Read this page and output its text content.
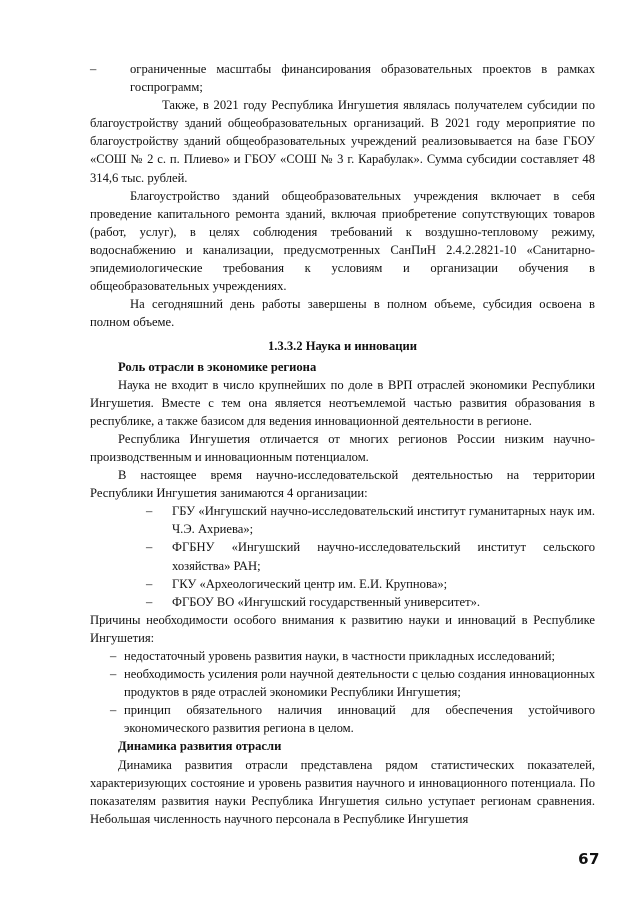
–	ограниченные масштабы финансирования образовательных проектов в рамках госпрограмм;

Также, в 2021 году Республика Ингушетия являлась получателем субсидии по благоустройству зданий общеобразовательных организаций. В 2021 году мероприятие по благоустройству зданий общеобразовательных учреждений реализовывается на базе ГБОУ «СОШ № 2 с. п. Плиево» и ГБОУ «СОШ № 3 г. Карабулак». Сумма субсидии составляет 48 314,6 тыс. рублей.

Благоустройство зданий общеобразовательных учреждения включает в себя проведение капитального ремонта зданий, включая приобретение сопутствующих товаров (работ, услуг), в целях соблюдения требований к воздушно-тепловому режиму, водоснабжению и канализации, предусмотренных СанПиН 2.4.2.2821-10 «Санитарно-эпидемиологические требования к условиям и организации обучения в общеобразовательных учреждениях.

На сегодняшний день работы завершены в полном объеме, субсидия освоена в полном объеме.

1.3.3.2 Наука и инновации

Роль отрасли в экономике региона

Наука не входит в число крупнейших по доле в ВРП отраслей экономики Республики Ингушетия. Вместе с тем она является неотъемлемой частью развития образования в республике, а также базисом для ведения инновационной деятельности в регионе.

Республика Ингушетия отличается от многих регионов России низким научно-производственным и инновационным потенциалом.

В настоящее время научно-исследовательской деятельностью на территории Республики Ингушетия занимаются 4 организации:

–	ГБУ «Ингушский научно-исследовательский институт гуманитарных наук им. Ч.Э. Ахриева»;
–	ФГБНУ «Ингушский научно-исследовательский институт сельского хозяйства» РАН;
–	ГКУ «Археологический центр им. Е.И. Крупнова»;
–	ФГБОУ ВО «Ингушский государственный университет».

Причины необходимости особого внимания к развитию науки и инноваций в Республике Ингушетия:

– недостаточный уровень развития науки, в частности прикладных исследований;
– необходимость усиления роли научной деятельности с целью создания инновационных продуктов в ряде отраслей экономики Республики Ингушетия;
– принцип обязательного наличия инноваций для обеспечения устойчивого экономического развития региона в целом.

Динамика развития отрасли

Динамика развития отрасли представлена рядом статистических показателей, характеризующих состояние и уровень развития научного и инновационного потенциала. По показателям развития науки Республика Ингушетия сильно уступает регионам сравнения. Небольшая численность научного персонала в Республике Ингушетия

67
